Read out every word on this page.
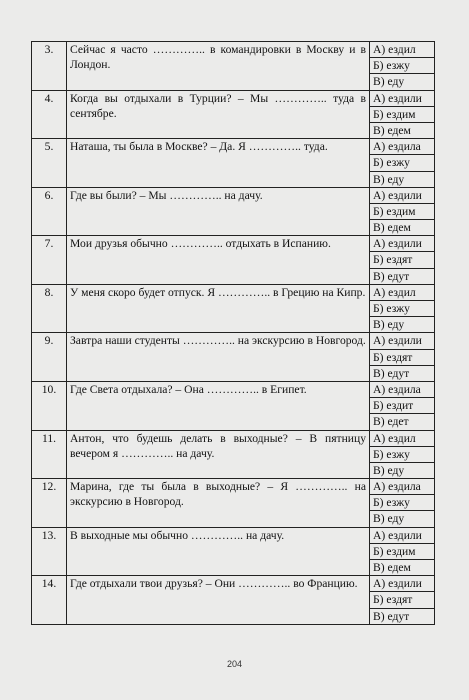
3.	Сейчас я часто ………….. в командировки в Москву и в Лондон.	А) ездил
		Б) езжу
		В) еду
4.	Когда вы отдыхали в Турции? – Мы ………….. туда в сентябре.	А) ездили
		Б) ездим
		В) едем
5.	Наташа, ты была в Москве? – Да. Я ………….. туда.	А) ездила
		Б) езжу
		В) еду
6.	Где вы были? – Мы ………….. на дачу.	А) ездили
		Б) ездим
		В) едем
7.	Мои друзья обычно ………….. отдыхать в Испанию.	А) ездили
		Б) ездят
		В) едут
8.	У меня скоро будет отпуск. Я ………….. в Грецию на Кипр.	А) ездил
		Б) езжу
		В) еду
9.	Завтра наши студенты ………….. на экскурсию в Новгород.	А) ездили
		Б) ездят
		В) едут
10.	Где Света отдыхала? – Она ………….. в Египет.	А) ездила
		Б) ездит
		В) едет
11.	Антон, что будешь делать в выходные? – В пятницу вечером я ………….. на дачу.	А) ездил
		Б) езжу
		В) еду
12.	Марина, где ты была в выходные? – Я ………….. на экскурсию в Новгород.	А) ездила
		Б) езжу
		В) еду
13.	В выходные мы обычно ………….. на дачу.	А) ездили
		Б) ездим
		В) едем
14.	Где отдыхали твои друзья? – Они ………….. во Францию.	А) ездили
		Б) ездят
		В) едут
204
